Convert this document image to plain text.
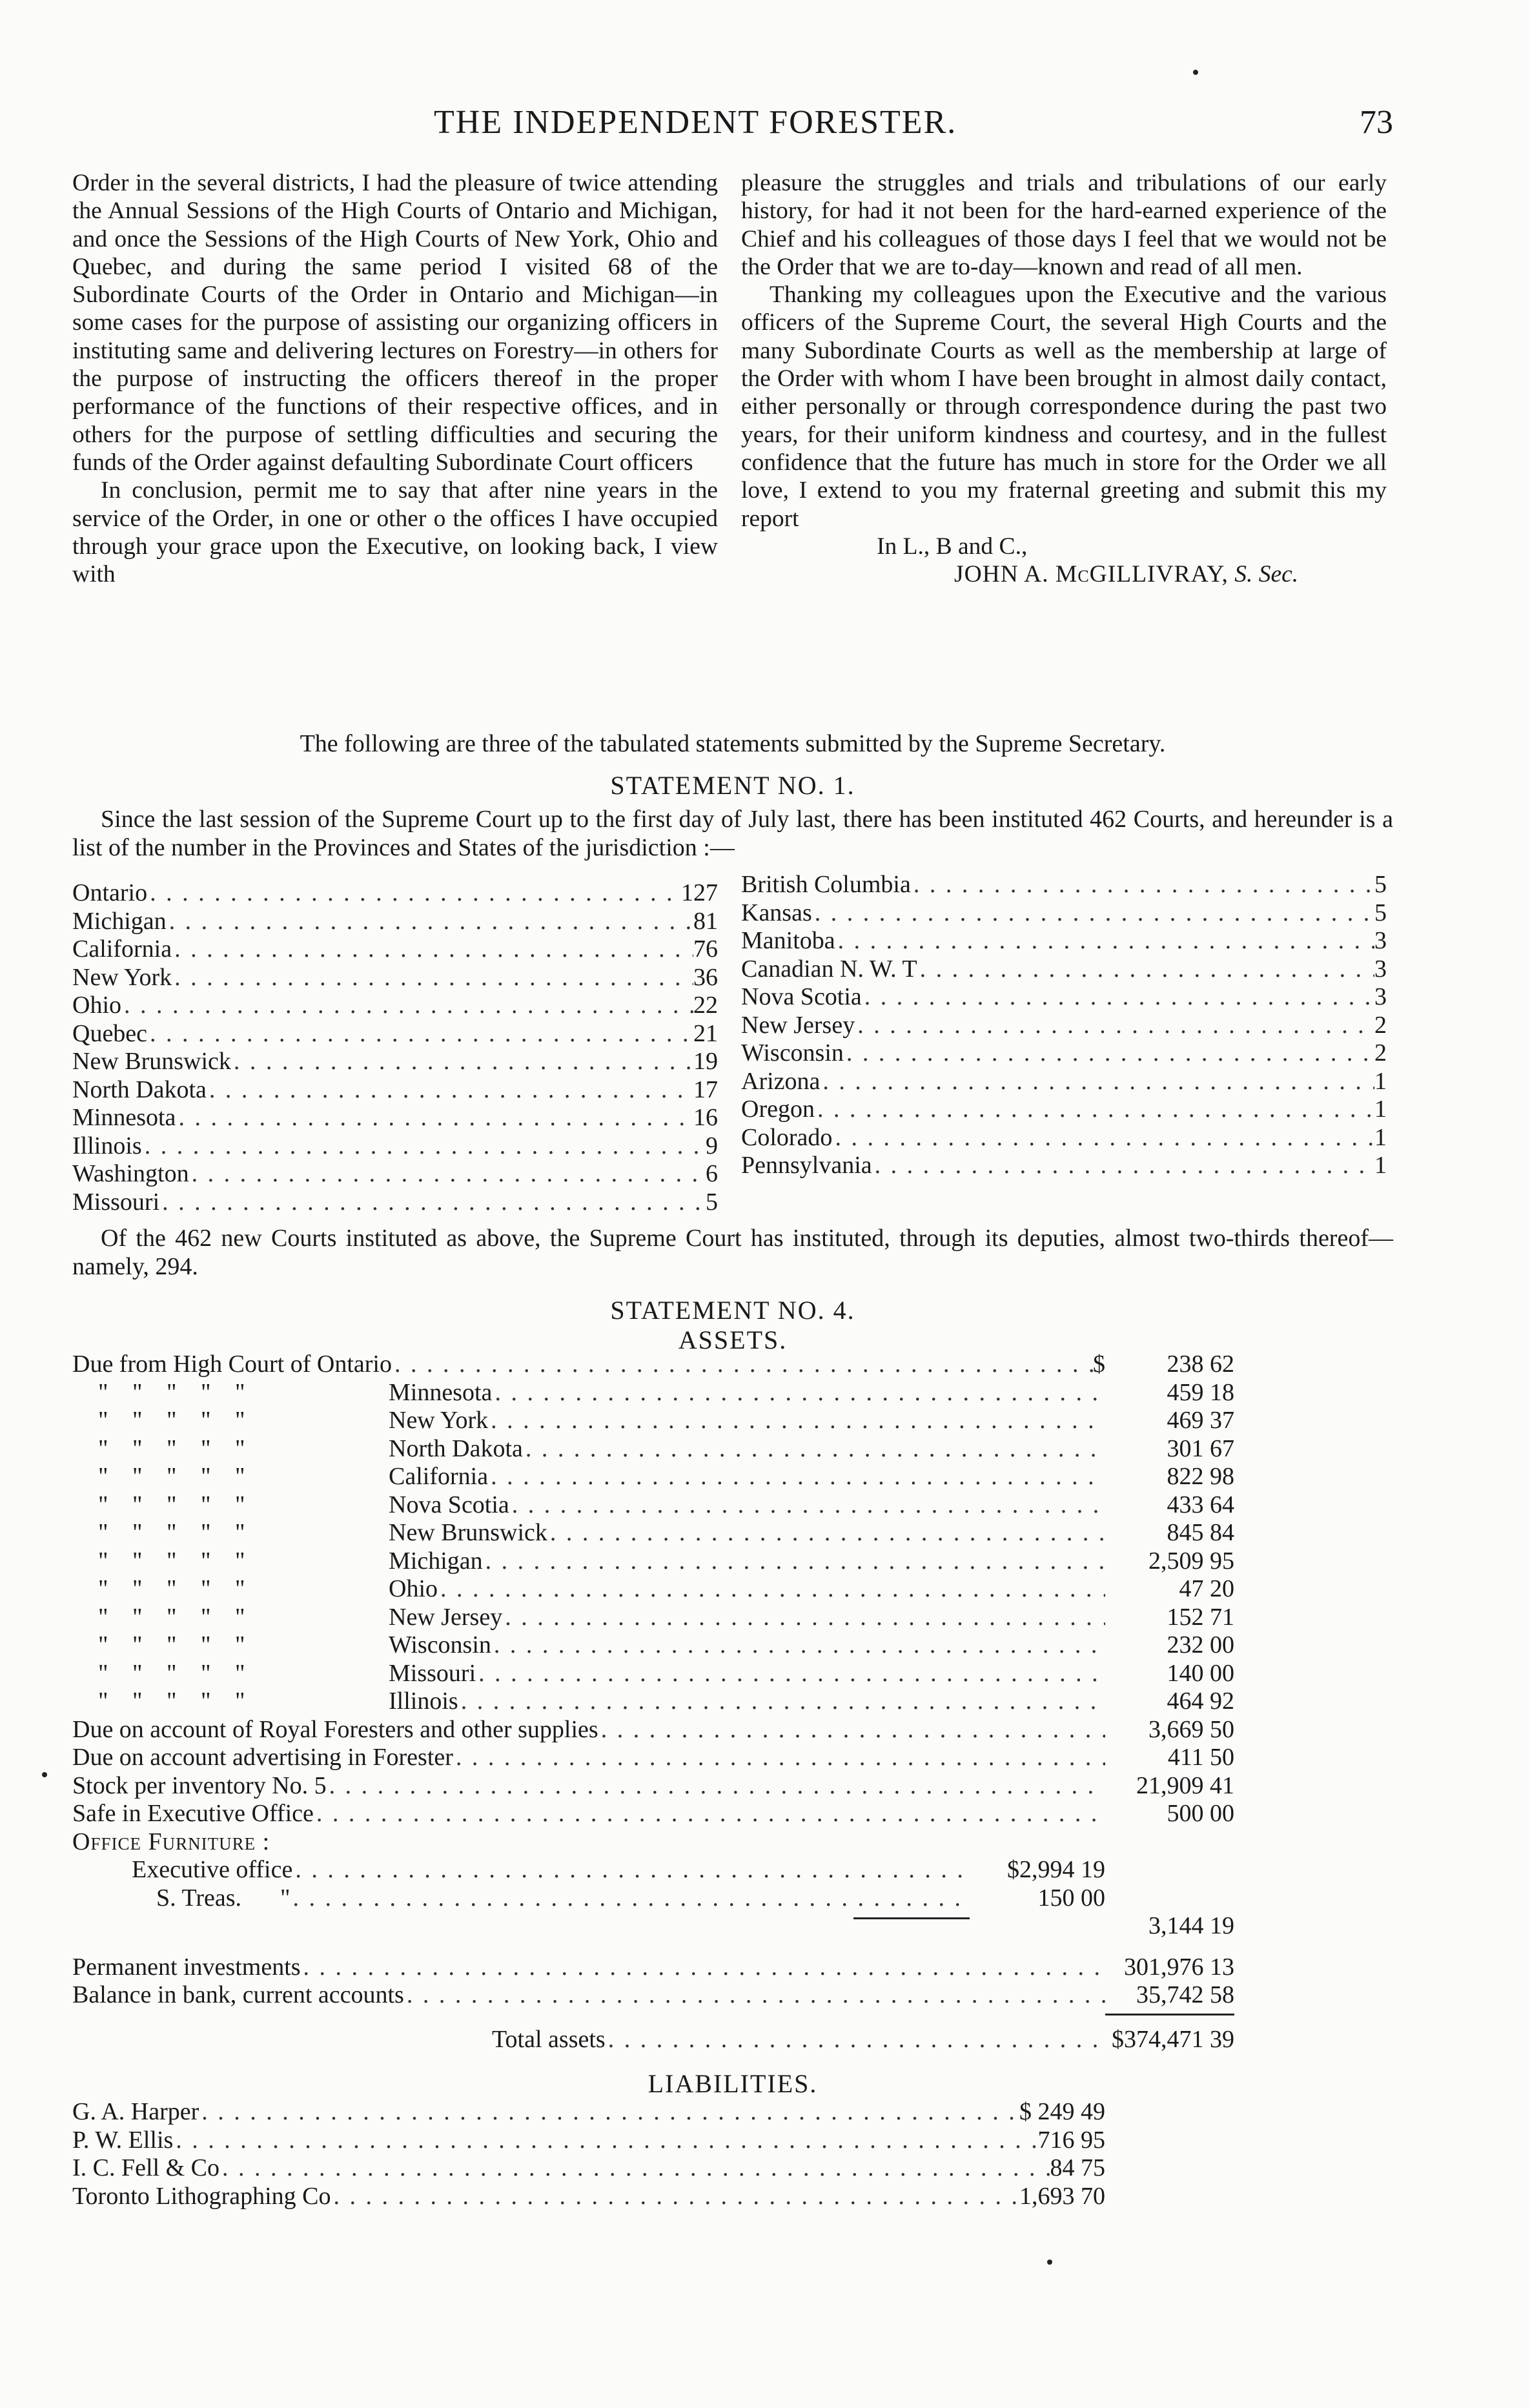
THE INDEPENDENT FORESTER.	73

Order in the several districts, I had the pleasure of twice attending the Annual Sessions of the High Courts of Ontario and Michigan, and once the Sessions of the High Courts of New York, Ohio and Quebec, and during the same period I visited 68 of the Subordinate Courts of the Order in Ontario and Michigan—in some cases for the purpose of assisting our organizing officers in instituting same and delivering lectures on Forestry—in others for the purpose of instructing the officers thereof in the proper performance of the functions of their respective offices, and in others for the purpose of settling difficulties and securing the funds of the Order against defaulting Subordinate Court officers

In conclusion, permit me to say that after nine years in the service of the Order, in one or other o the offices I have occupied through your grace upon the Executive, on looking back, I view with

pleasure the struggles and trials and tribulations of our early history, for had it not been for the hard-earned experience of the Chief and his colleagues of those days I feel that we would not be the Order that we are to-day—known and read of all men.

Thanking my colleagues upon the Executive and the various officers of the Supreme Court, the several High Courts and the many Subordinate Courts as well as the membership at large of the Order with whom I have been brought in almost daily contact, either personally or through correspondence during the past two years, for their uniform kindness and courtesy, and in the fullest confidence that the future has much in store for the Order we all love, I extend to you my fraternal greeting and submit this my report

In L., B and C.,
JOHN A. McGILLIVRAY, S. Sec.
The following are three of the tabulated statements submitted by the Supreme Secretary.
STATEMENT NO. 1.
Since the last session of the Supreme Court up to the first day of July last, there has been instituted 462 Courts, and hereunder is a list of the number in the Provinces and States of the jurisdiction :—
Ontario . . .	127
Michigan . . .	81
California . . .	76
New York . . .	36
Ohio . . .	22
Quebec . . .	21
New Brunswick . . .	19
North Dakota . . .	17
Minnesota . . .	16
Illinois . . .	9
Washington . . .	6
Missouri . . .	5
British Columbia . . .	5
Kansas . . .	5
Manitoba . . .	3
Canadian N. W. T . . .	3
Nova Scotia . . .	3
New Jersey . . .	2
Wisconsin . . .	2
Arizona . . .	1
Oregon . . .	1
Colorado . . .	1
Pennsylvania . . .	1
Of the 462 new Courts instituted as above, the Supreme Court has instituted, through its deputies, almost two-thirds thereof—namely, 294.
STATEMENT NO. 4.
ASSETS.
Due from High Court of Ontario . . .	$	238 62
" " " " "	Minnesota . . .	459 18
" " " " "	New York . . .	469 37
" " " " "	North Dakota . . .	301 67
" " " " "	California . . .	822 98
" " " " "	Nova Scotia . . .	433 64
" " " " "	New Brunswick . . .	845 84
" " " " "	Michigan . . .	2,509 95
" " " " "	Ohio . . .	47 20
" " " " "	New Jersey . . .	152 71
" " " " "	Wisconsin . . .	232 00
" " " " "	Missouri . . .	140 00
" " " " "	Illinois . . .	464 92
Due on account of Royal Foresters and other supplies . . .	3,669 50
Due on account advertising in Forester . . .	411 50
Stock per inventory No. 5 . . .	21,909 41
Safe in Executive Office . . .	500 00
Office Furniture :
Executive office . . .	$2,994 19
S. Treas.	" . . .	150 00
3,144 19
Permanent investments . . .	301,976 13
Balance in bank, current accounts . . .	35,742 58
Total assets . . .	$374,471 39
LIABILITIES.
G. A. Harper . . .	$ 249 49
P. W. Ellis . . .	716 95
I. C. Fell & Co . . .	84 75
Toronto Lithographing Co . . .	1,693 70
